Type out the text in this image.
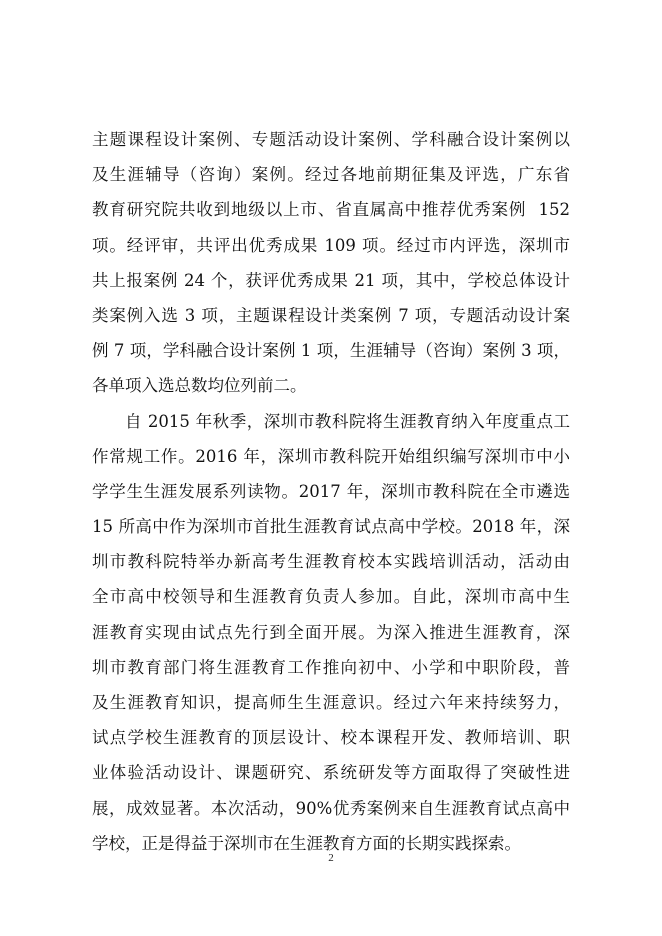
主题课程设计案例、专题活动设计案例、学科融合设计案例以
及生涯辅导（咨询）案例。经过各地前期征集及评选，广东省
教育研究院共收到地级以上市、省直属高中推荐优秀案例  152
项。经评审，共评出优秀成果 109 项。经过市内评选，深圳市
共上报案例 24 个，获评优秀成果 21 项，其中，学校总体设计
类案例入选 3 项，主题课程设计类案例 7 项，专题活动设计案
例 7 项，学科融合设计案例 1 项，生涯辅导（咨询）案例 3 项，
各单项入选总数均位列前二。
自 2015 年秋季，深圳市教科院将生涯教育纳入年度重点工
作常规工作。2016 年，深圳市教科院开始组织编写深圳市中小
学学生生涯发展系列读物。2017 年，深圳市教科院在全市遴选
15 所高中作为深圳市首批生涯教育试点高中学校。2018 年，深
圳市教科院特举办新高考生涯教育校本实践培训活动，活动由
全市高中校领导和生涯教育负责人参加。自此，深圳市高中生
涯教育实现由试点先行到全面开展。为深入推进生涯教育，深
圳市教育部门将生涯教育工作推向初中、小学和中职阶段，普
及生涯教育知识，提高师生生涯意识。经过六年来持续努力，
试点学校生涯教育的顶层设计、校本课程开发、教师培训、职
业体验活动设计、课题研究、系统研发等方面取得了突破性进
展，成效显著。本次活动，90%优秀案例来自生涯教育试点高中
学校，正是得益于深圳市在生涯教育方面的长期实践探索。
2
